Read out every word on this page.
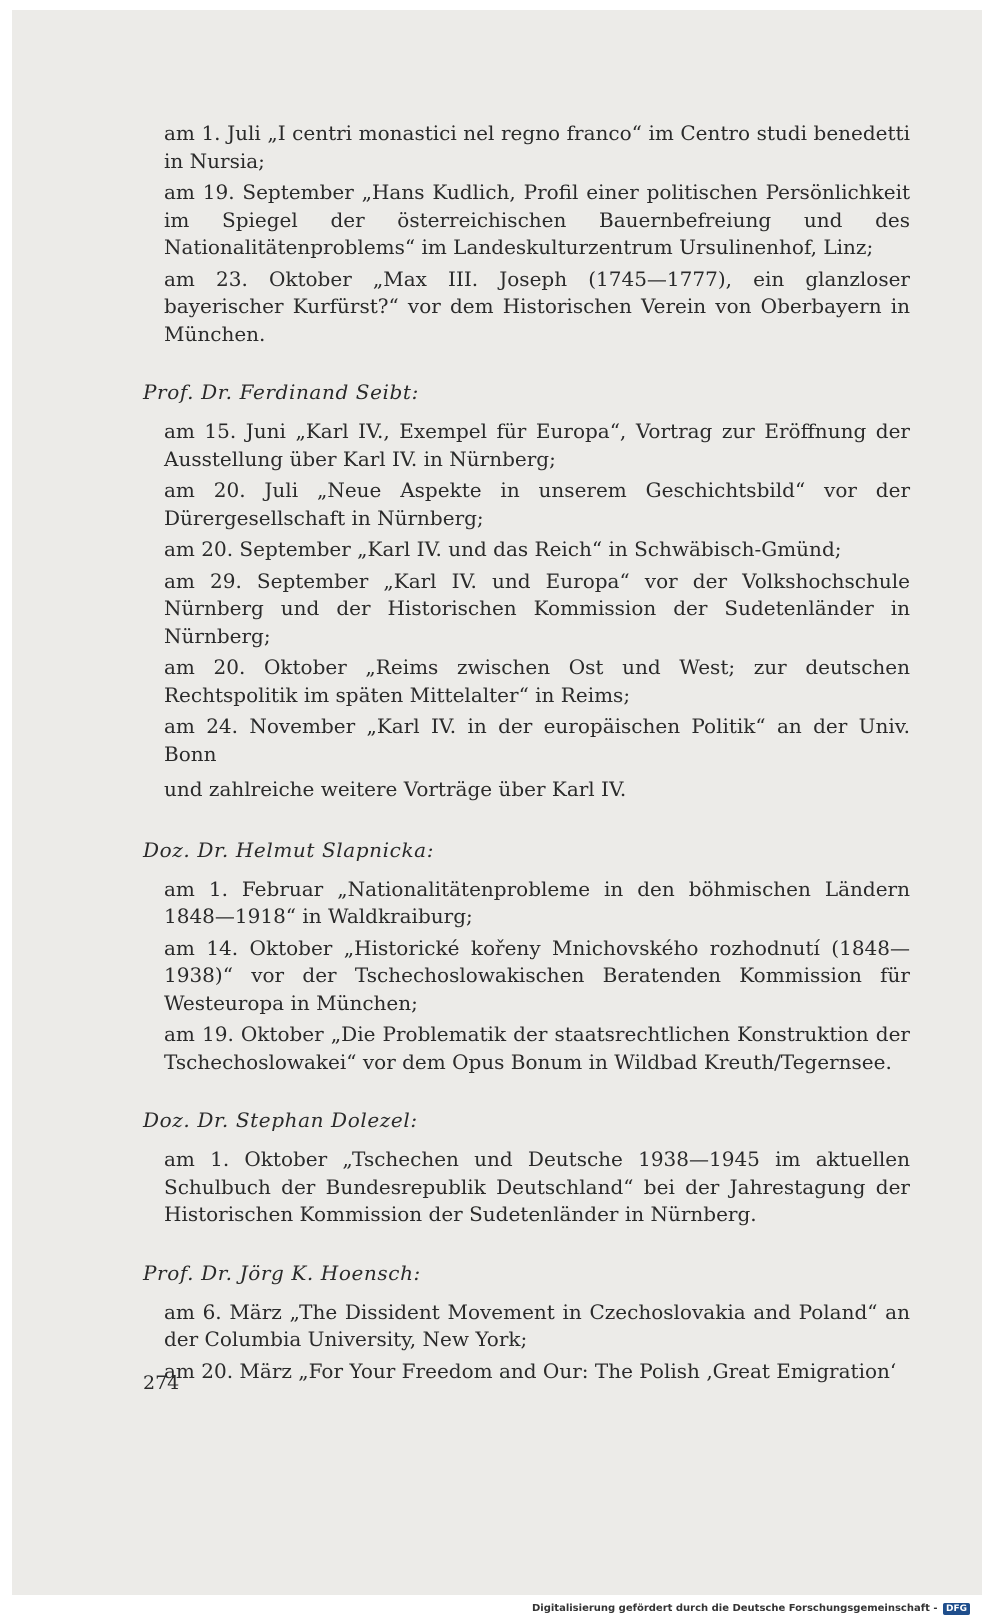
am 1. Juli „I centri monastici nel regno franco“ im Centro studi benedetti in Nursia;
am 19. September „Hans Kudlich, Profil einer politischen Persönlichkeit im Spiegel der österreichischen Bauernbefreiung und des Nationalitätenproblems“ im Landeskulturzentrum Ursulinenhof, Linz;
am 23. Oktober „Max III. Joseph (1745—1777), ein glanzloser bayerischer Kurfürst?“ vor dem Historischen Verein von Oberbayern in München.
Prof. Dr. Ferdinand Seibt:
am 15. Juni „Karl IV., Exempel für Europa“, Vortrag zur Eröffnung der Ausstellung über Karl IV. in Nürnberg;
am 20. Juli „Neue Aspekte in unserem Geschichtsbild“ vor der Dürergesellschaft in Nürnberg;
am 20. September „Karl IV. und das Reich“ in Schwäbisch-Gmünd;
am 29. September „Karl IV. und Europa“ vor der Volkshochschule Nürnberg und der Historischen Kommission der Sudetenländer in Nürnberg;
am 20. Oktober „Reims zwischen Ost und West; zur deutschen Rechtspolitik im späten Mittelalter“ in Reims;
am 24. November „Karl IV. in der europäischen Politik“ an der Univ. Bonn
und zahlreiche weitere Vorträge über Karl IV.
Doz. Dr. Helmut Slapnicka:
am 1. Februar „Nationalitätenprobleme in den böhmischen Ländern 1848—1918“ in Waldkraiburg;
am 14. Oktober „Historické kořeny Mnichovského rozhodnutí (1848—1938)“ vor der Tschechoslowakischen Beratenden Kommission für Westeuropa in München;
am 19. Oktober „Die Problematik der staatsrechtlichen Konstruktion der Tschechoslowakei“ vor dem Opus Bonum in Wildbad Kreuth/Tegernsee.
Doz. Dr. Stephan Dolezel:
am 1. Oktober „Tschechen und Deutsche 1938—1945 im aktuellen Schulbuch der Bundesrepublik Deutschland“ bei der Jahrestagung der Historischen Kommission der Sudetenländer in Nürnberg.
Prof. Dr. Jörg K. Hoensch:
am 6. März „The Dissident Movement in Czechoslovakia and Poland“ an der Columbia University, New York;
am 20. März „For Your Freedom and Our: The Polish ‚Great Emigration‘
274
Digitalisierung gefördert durch die Deutsche Forschungsgemeinschaft - DFG
